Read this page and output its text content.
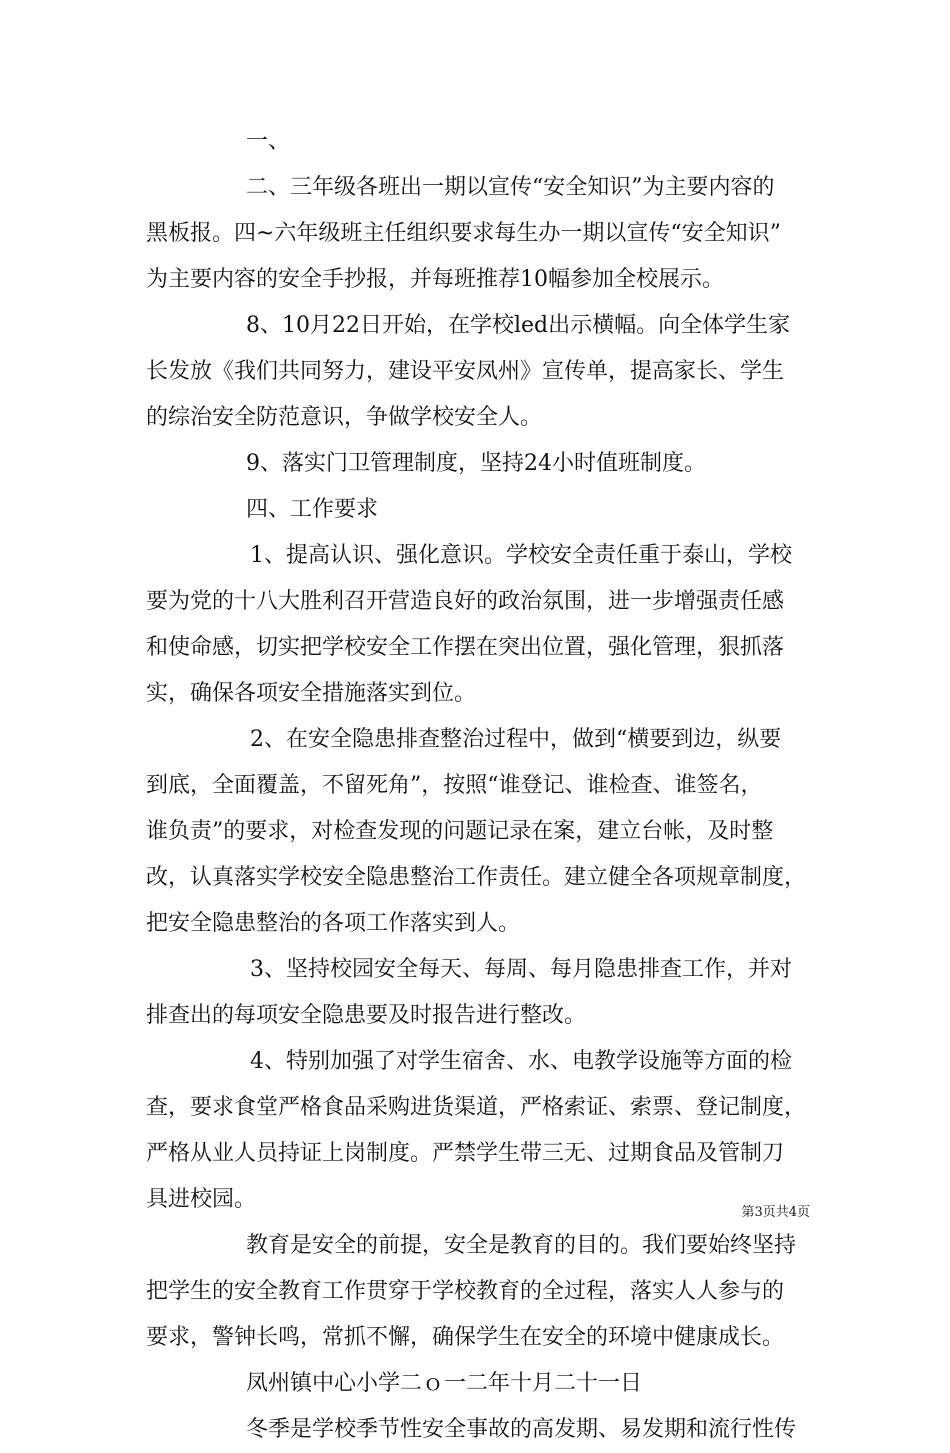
一、
二、三年级各班出一期以宣传“安全知识”为主要内容的
黑板报。四~六年级班主任组织要求每生办一期以宣传“安全知识”
为主要内容的安全手抄报，并每班推荐10幅参加全校展示。
8、10月22日开始，在学校led出示横幅。向全体学生家
长发放《我们共同努力，建设平安凤州》宣传单，提高家长、学生
的综治安全防范意识，争做学校安全人。
9、落实门卫管理制度，坚持24小时值班制度。
四、工作要求
1、提高认识、强化意识。学校安全责任重于泰山，学校
要为党的十八大胜利召开营造良好的政治氛围，进一步增强责任感
和使命感，切实把学校安全工作摆在突出位置，强化管理，狠抓落
实，确保各项安全措施落实到位。
2、在安全隐患排查整治过程中，做到“横要到边，纵要
到底，全面覆盖，不留死角”，按照“谁登记、谁检查、谁签名，
谁负责”的要求，对检查发现的问题记录在案，建立台帐，及时整
改，认真落实学校安全隐患整治工作责任。建立健全各项规章制度，
把安全隐患整治的各项工作落实到人。
3、坚持校园安全每天、每周、每月隐患排查工作，并对
排查出的每项安全隐患要及时报告进行整改。
4、特别加强了对学生宿舍、水、电教学设施等方面的检
查，要求食堂严格食品采购进货渠道，严格索证、索票、登记制度，
严格从业人员持证上岗制度。严禁学生带三无、过期食品及管制刀
具进校园。
教育是安全的前提，安全是教育的目的。我们要始终坚持
把学生的安全教育工作贯穿于学校教育的全过程，落实人人参与的
要求，警钟长鸣，常抓不懈，确保学生在安全的环境中健康成长。
凤州镇中心小学二ｏ一二年十月二十一日
冬季是学校季节性安全事故的高发期、易发期和流行性传
第3页共4页
